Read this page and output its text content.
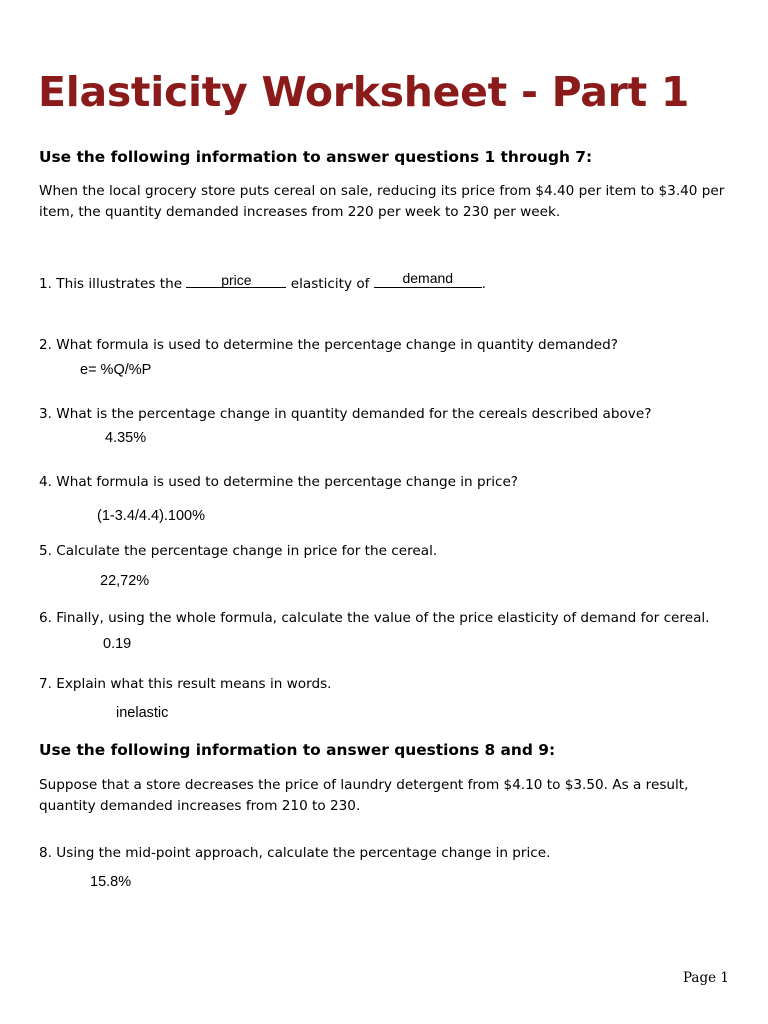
Elasticity Worksheet - Part 1
Use the following information to answer questions 1 through 7:

When the local grocery store puts cereal on sale, reducing its price from $4.40 per item to $3.40 per item, the quantity demanded increases from 220 per week to 230 per week.

1. This illustrates the price	elasticity of demand .

2. What formula is used to determine the percentage change in quantity demanded?

e= %Q/%P

3. What is the percentage change in quantity demanded for the cereals described above?

4.35%

4. What formula is used to determine the percentage change in price?

(1-3.4/4.4).100%

5. Calculate the percentage change in price for the cereal.

22,72%

6. Finally, using the whole formula, calculate the value of the price elasticity of demand for cereal.

0.19

7. Explain what this result means in words.

inelastic

Use the following information to answer questions 8 and 9:

Suppose that a store decreases the price of laundry detergent from $4.10 to $3.50. As a result, quantity demanded increases from 210 to 230.

8. Using the mid-point approach, calculate the percentage change in price.

15.8%

Page 1
